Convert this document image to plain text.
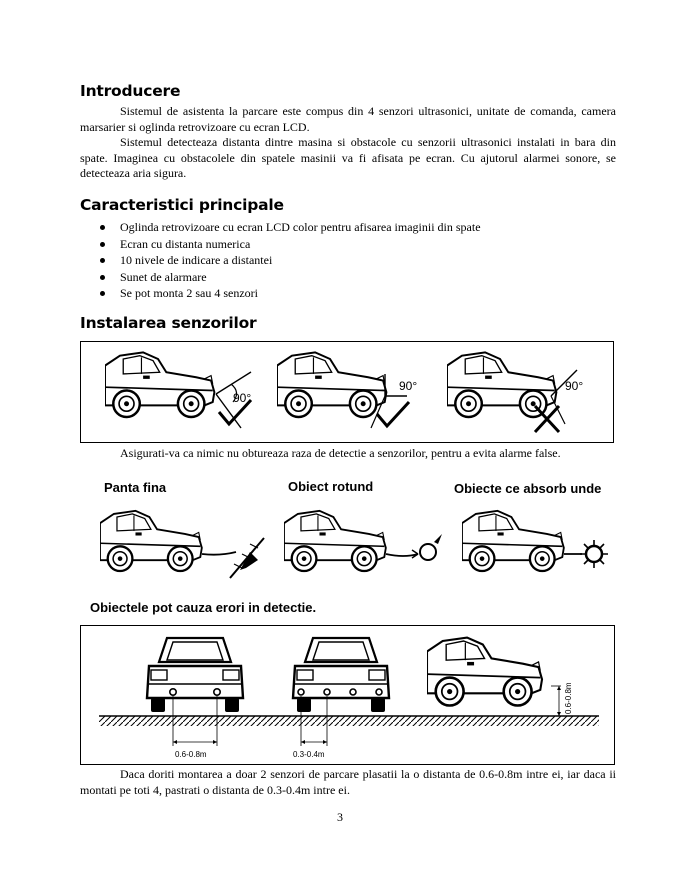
Introducere

Sistemul de asistenta la parcare este compus din 4 senzori ultrasonici, unitate de comanda, camera marsarier si oglinda retrovizoare cu ecran LCD.

Sistemul detecteaza distanta dintre masina si obstacole cu senzorii ultrasonici instalati in bara din spate. Imaginea cu obstacolele din spatele masinii va fi afisata pe ecran. Cu ajutorul alarmei sonore, se detecteaza aria sigura.

Caracteristici principale
Oglinda retrovizoare cu ecran LCD color pentru afisarea imaginii din spate
Ecran cu distanta numerica
10 nivele de indicare a distantei
Sunet de alarmare
Se pot monta 2 sau 4 senzori
Instalarea senzorilor
90°
90°	90°

Asigurati-va ca nimic nu obtureaza raza de detectie a senzorilor, pentru a evita alarme false.

Panta fina	Obiect rotund	Obiecte ce absorb unde
Obiectele pot cauza erori in detectie.
0.6-0.8m	0.3-0.4m
0.6-0.8m

Daca doriti montarea a doar 2 senzori de parcare plasatii la o distanta de 0.6-0.8m intre ei, iar daca ii montati pe toti 4, pastrati o distanta de 0.3-0.4m intre ei.

3
